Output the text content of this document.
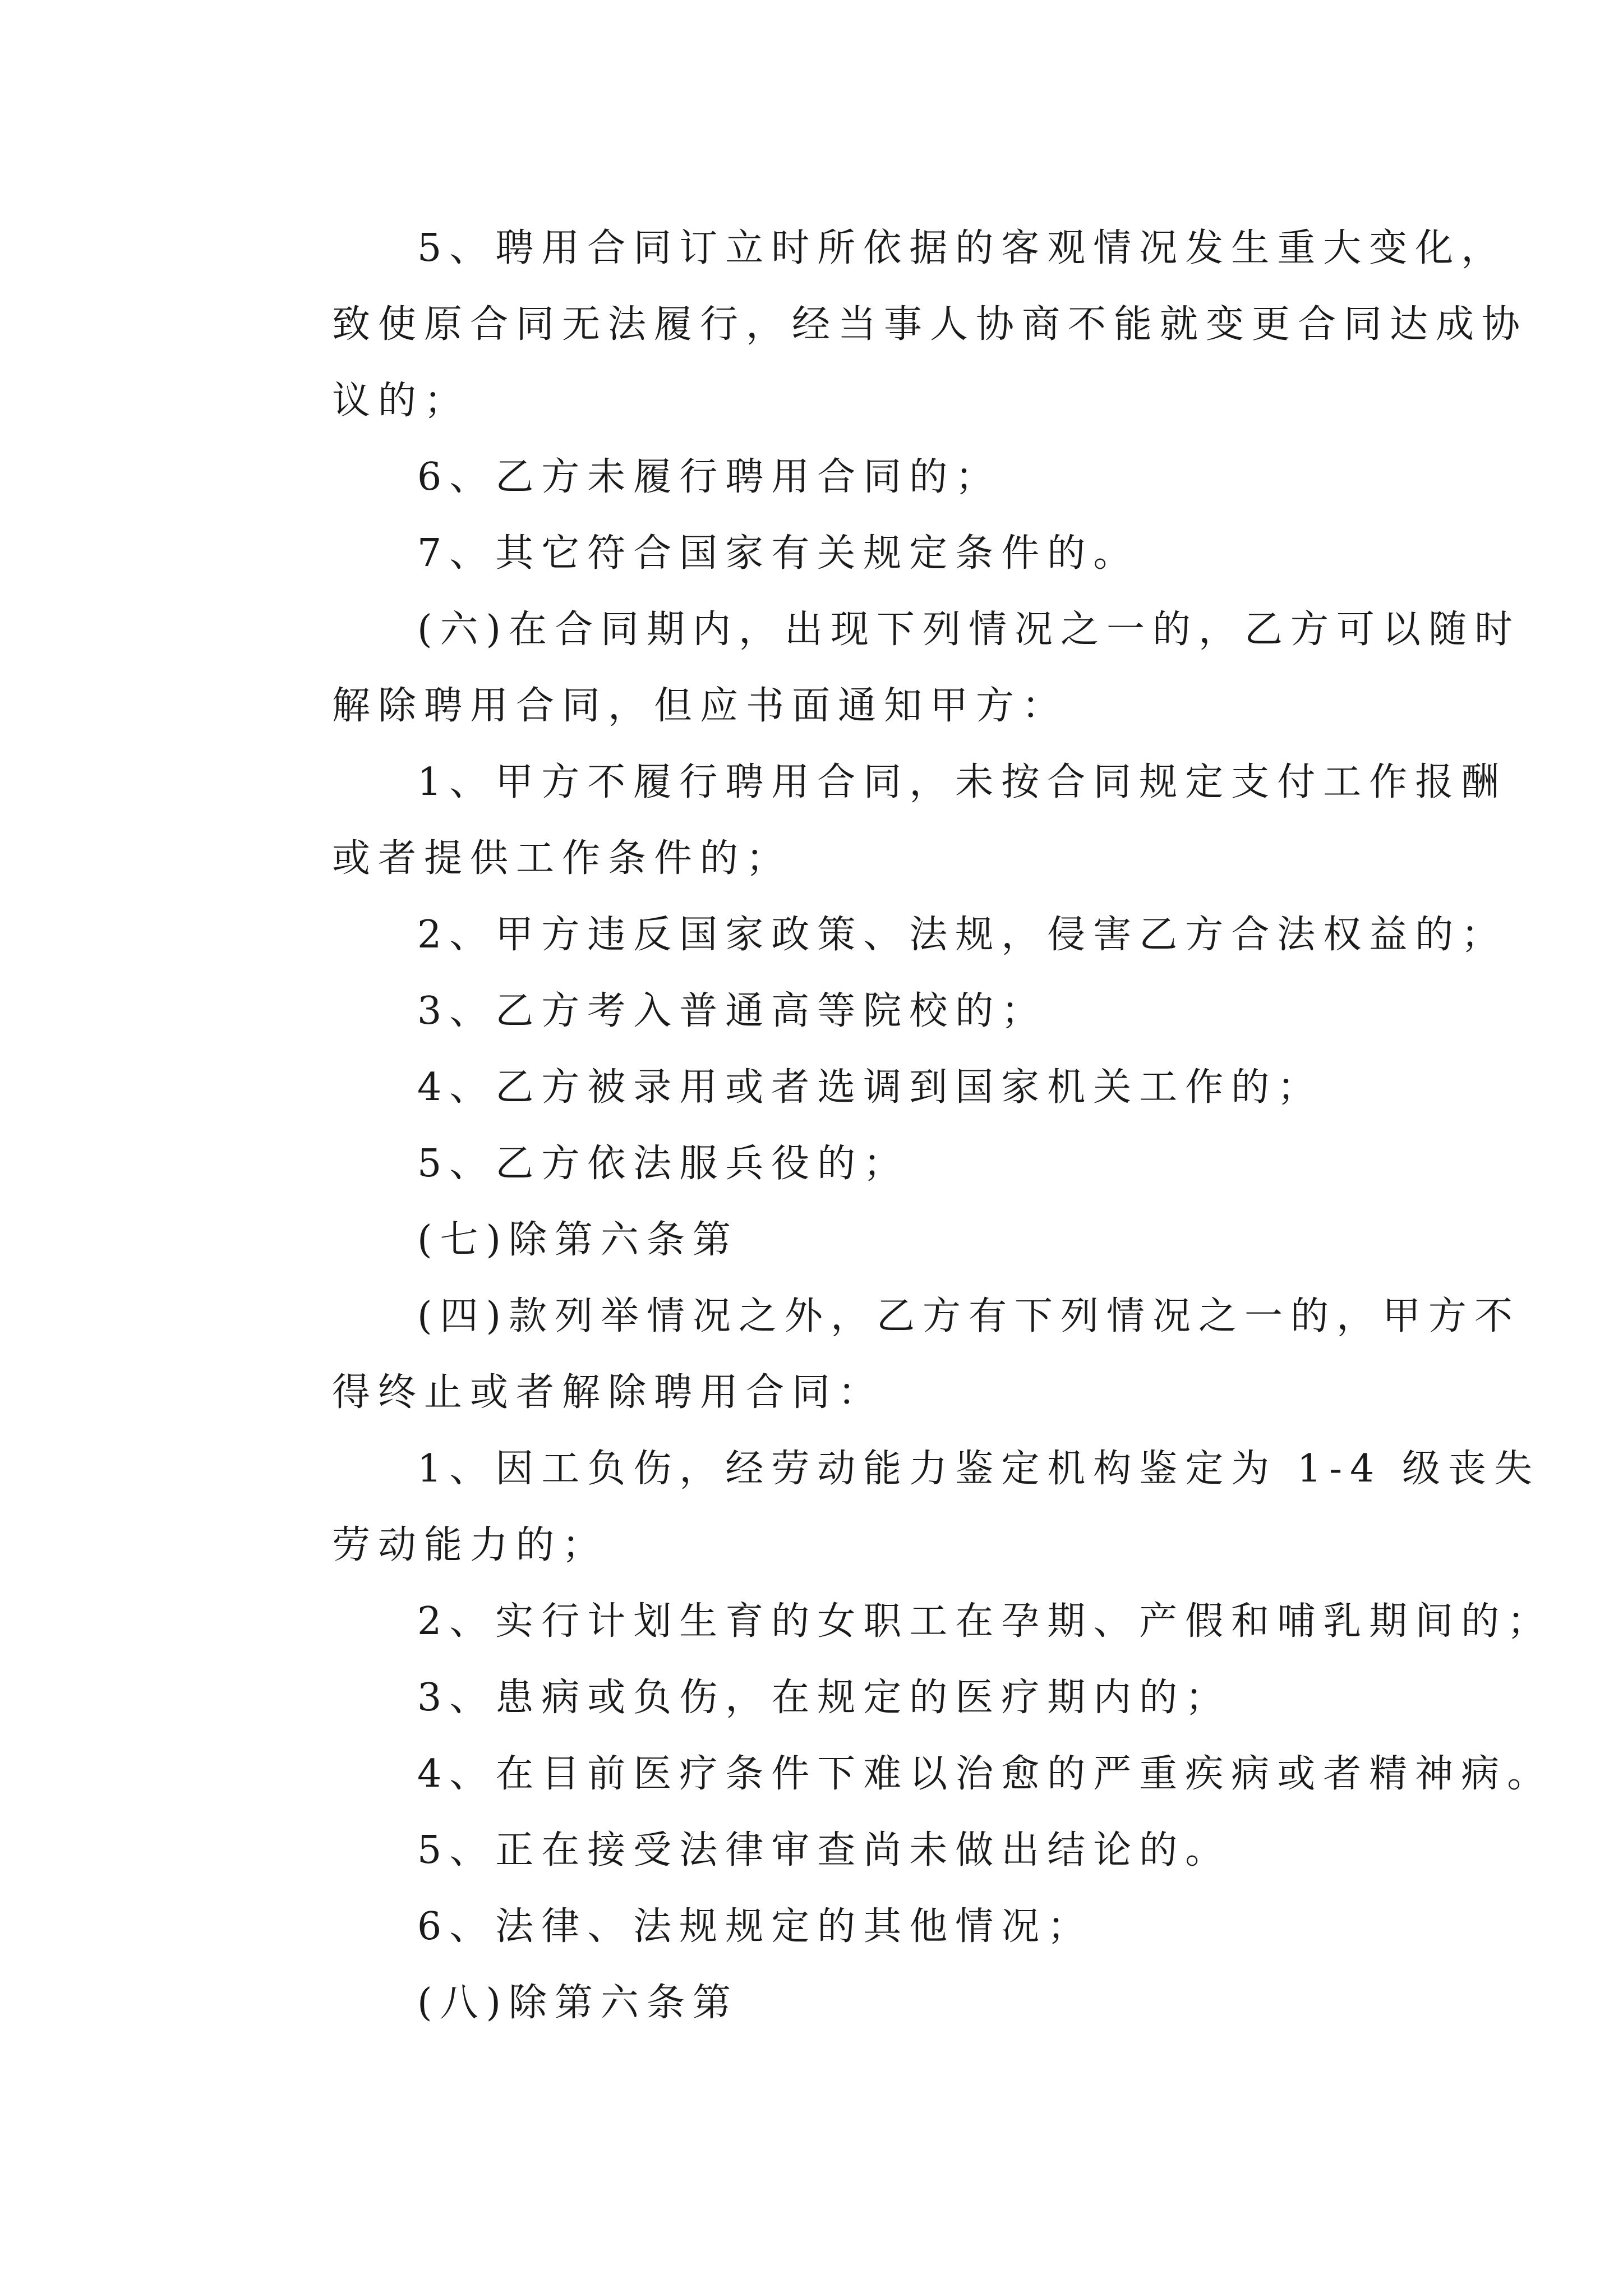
5、聘用合同订立时所依据的客观情况发生重大变化，
致使原合同无法履行，经当事人协商不能就变更合同达成协
议的；
6、乙方未履行聘用合同的；
7、其它符合国家有关规定条件的。
(六)在合同期内，出现下列情况之一的，乙方可以随时
解除聘用合同，但应书面通知甲方：
1、甲方不履行聘用合同，未按合同规定支付工作报酬
或者提供工作条件的；
2、甲方违反国家政策、法规，侵害乙方合法权益的；
3、乙方考入普通高等院校的；
4、乙方被录用或者选调到国家机关工作的；
5、乙方依法服兵役的；
(七)除第六条第
(四)款列举情况之外，乙方有下列情况之一的，甲方不
得终止或者解除聘用合同：
1、因工负伤，经劳动能力鉴定机构鉴定为 1-4 级丧失
劳动能力的；
2、实行计划生育的女职工在孕期、产假和哺乳期间的；
3、患病或负伤，在规定的医疗期内的；
4、在目前医疗条件下难以治愈的严重疾病或者精神病。
5、正在接受法律审查尚未做出结论的。
6、法律、法规规定的其他情况；
(八)除第六条第
